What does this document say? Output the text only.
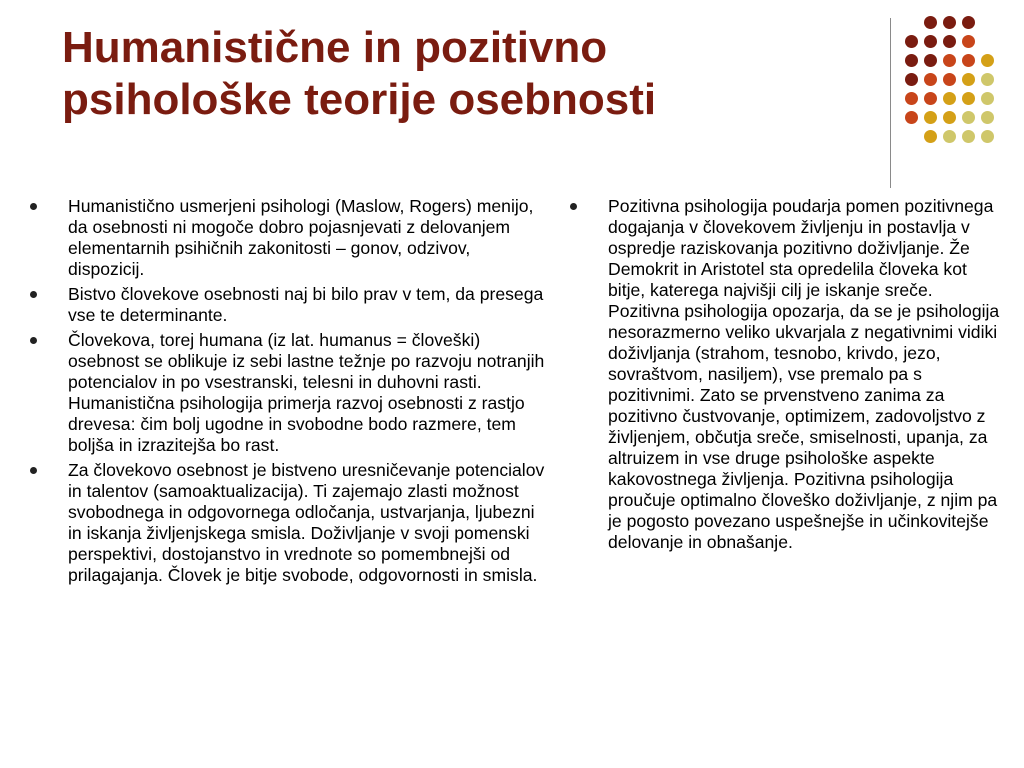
Humanistične in pozitivno
psihološke teorije osebnosti
Humanistično usmerjeni psihologi (Maslow, Rogers) menijo, da osebnosti ni mogoče dobro pojasnjevati z delovanjem elementarnih psihičnih zakonitosti – gonov, odzivov, dispozicij.
Bistvo človekove osebnosti naj bi bilo prav v tem, da presega vse te determinante.
Človekova, torej humana (iz lat. humanus = človeški) osebnost se oblikuje iz sebi lastne težnje po razvoju notranjih potencialov in po vsestranski, telesni in duhovni rasti. Humanistična psihologija primerja razvoj osebnosti z rastjo drevesa: čim bolj ugodne in svobodne bodo razmere, tem boljša in izrazitejša bo rast.
Za človekovo osebnost je bistveno uresničevanje potencialov in talentov (samoaktualizacija). Ti zajemajo zlasti možnost svobodnega in odgovornega odločanja, ustvarjanja, ljubezni in iskanja življenjskega smisla. Doživljanje v svoji pomenski perspektivi, dostojanstvo in vrednote so pomembnejši od prilagajanja. Človek je bitje svobode, odgovornosti in smisla.
Pozitivna psihologija poudarja pomen pozitivnega dogajanja v človekovem življenju in postavlja v ospredje raziskovanja pozitivno doživljanje. Že Demokrit in Aristotel sta opredelila človeka kot bitje, katerega najvišji cilj je iskanje sreče. Pozitivna psihologija opozarja, da se je psihologija nesorazmerno veliko ukvarjala z negativnimi vidiki doživljanja (strahom, tesnobo, krivdo, jezo, sovraštvom, nasiljem), vse premalo pa s pozitivnimi. Zato se prvenstveno zanima za pozitivno čustvovanje, optimizem, zadovoljstvo z življenjem, občutja sreče, smiselnosti, upanja, za altruizem in vse druge psihološke aspekte kakovostnega življenja. Pozitivna psihologija proučuje optimalno človeško doživljanje, z njim pa je pogosto povezano uspešnejše in učinkovitejše delovanje in obnašanje.
